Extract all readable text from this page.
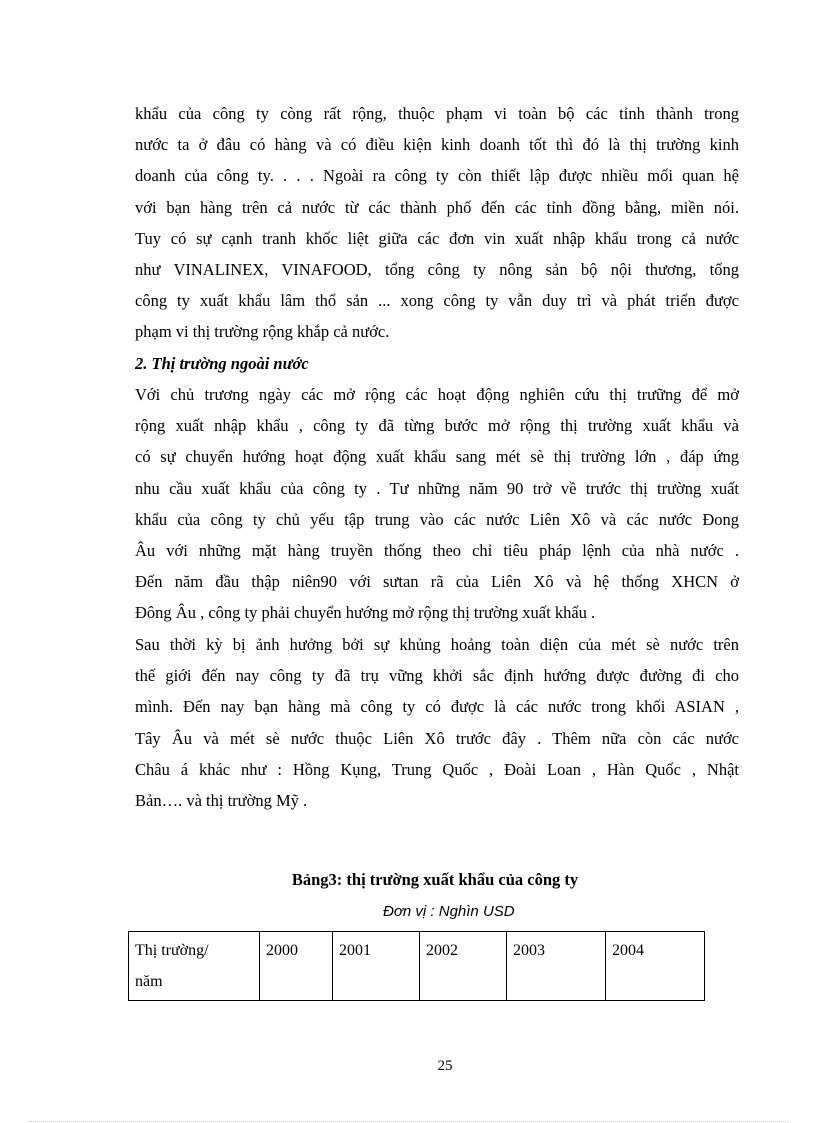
khẩu của công ty còng rất rộng, thuộc phạm vi toàn bộ các tỉnh thành trong
nước ta ở đâu có hàng và có điều kiện kinh doanh tốt thì đó là thị trường kinh
doanh của công ty. . . . Ngoài ra công ty còn thiết lập được nhiều mối quan hệ
với bạn hàng trên cả nước từ các thành phố đến các tỉnh đồng bằng, miền nói.
Tuy có sự cạnh tranh khốc liệt giữa các đơn vin xuất nhập khẩu trong cả nước
như VINALINEX, VINAFOOD, tổng công ty nông sản bộ nội thương, tổng
công ty xuất khẩu lâm thổ sản ... xong công ty vẫn duy trì và phát triển được
phạm vi thị trường rộng khắp cả nước.
2. Thị trường ngoài nước
Với chủ trương ngày các mở rộng các hoạt động nghiên cứu thị trưững để mở
rộng xuất nhập khẩu , công ty đã từng bước mở rộng thị trường xuất khẩu và
có sự chuyển hướng hoạt động xuất khẩu sang mét sè thị trường lớn , đáp ứng
nhu cầu xuất khẩu của công ty . Tư những năm 90 trở về trước thị trường xuất
khẩu của công ty chủ yếu tập trung vào các nước Liên Xô và các nước Đong
Âu với những mặt hàng truyền thống theo chỉ tiêu pháp lệnh của nhà nước .
Đến năm đầu thập niên90 với sưtan rã của Liên Xô và hệ thống XHCN ở
Đông Âu , công ty phải chuyển hướng mở rộng thị trường xuất khẩu .
Sau thời kỳ bị ảnh hưởng bởi sự khủng hoảng toàn diện của mét sè nước trên
thế giới đến nay công ty đã trụ vững khởi sắc định hướng được đường đi cho
mình. Đến nay bạn hàng mà công ty có được là các nước trong khối ASIAN ,
Tây Âu và mét sè nước thuộc Liên Xô trước đây . Thêm nữa còn các nước
Châu á khác như : Hồng Kụng, Trung Quốc , Đoài Loan , Hàn Quốc , Nhật
Bản…. và thị trường Mỹ .
Bảng3: thị trường xuất khẩu của công ty
Đơn vị : Nghìn USD
Thị trường/
năm
	2000	2001	2002	2003	2004
25
